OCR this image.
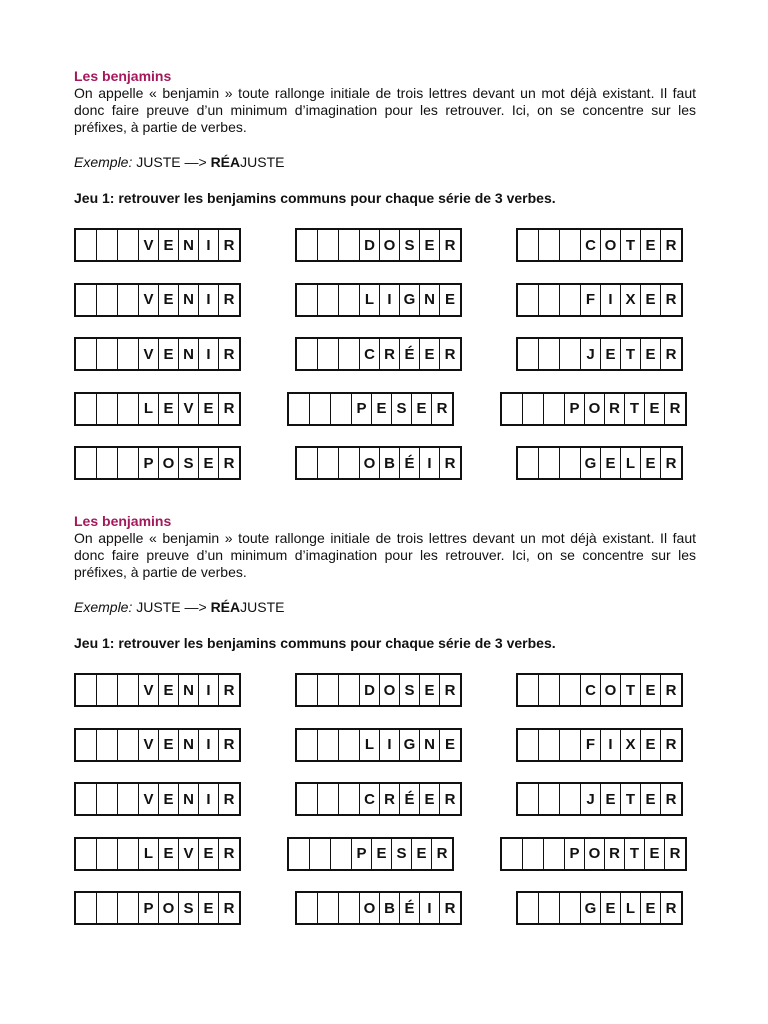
Les benjamins

On appelle « benjamin » toute rallonge initiale de trois lettres devant un mot déjà existant. Il faut donc faire preuve d’un minimum d’imagination pour les retrouver. Ici, on se concentre sur les préfixes, à partie de verbes.

Exemple: JUSTE —> RÉAJUSTE
Jeu 1: retrouver les benjamins communs pour chaque série de 3 verbes.
V E N I R	D O S E R	C O T E R
V E N I R	L I G N E	F I X E R
V E N I R	C R É E R	J E T E R
L E V E R	P E S E R	P O R T E R
P O S E R	O B É I R	G E L E R
Les benjamins

On appelle « benjamin » toute rallonge initiale de trois lettres devant un mot déjà existant. Il faut donc faire preuve d’un minimum d’imagination pour les retrouver. Ici, on se concentre sur les préfixes, à partie de verbes.

Exemple: JUSTE —> RÉAJUSTE
Jeu 1: retrouver les benjamins communs pour chaque série de 3 verbes.
V E N I R	D O S E R	C O T E R
V E N I R	L I G N E	F I X E R
V E N I R	C R É E R	J E T E R
L E V E R	P E S E R	P O R T E R
P O S E R	O B É I R	G E L E R
